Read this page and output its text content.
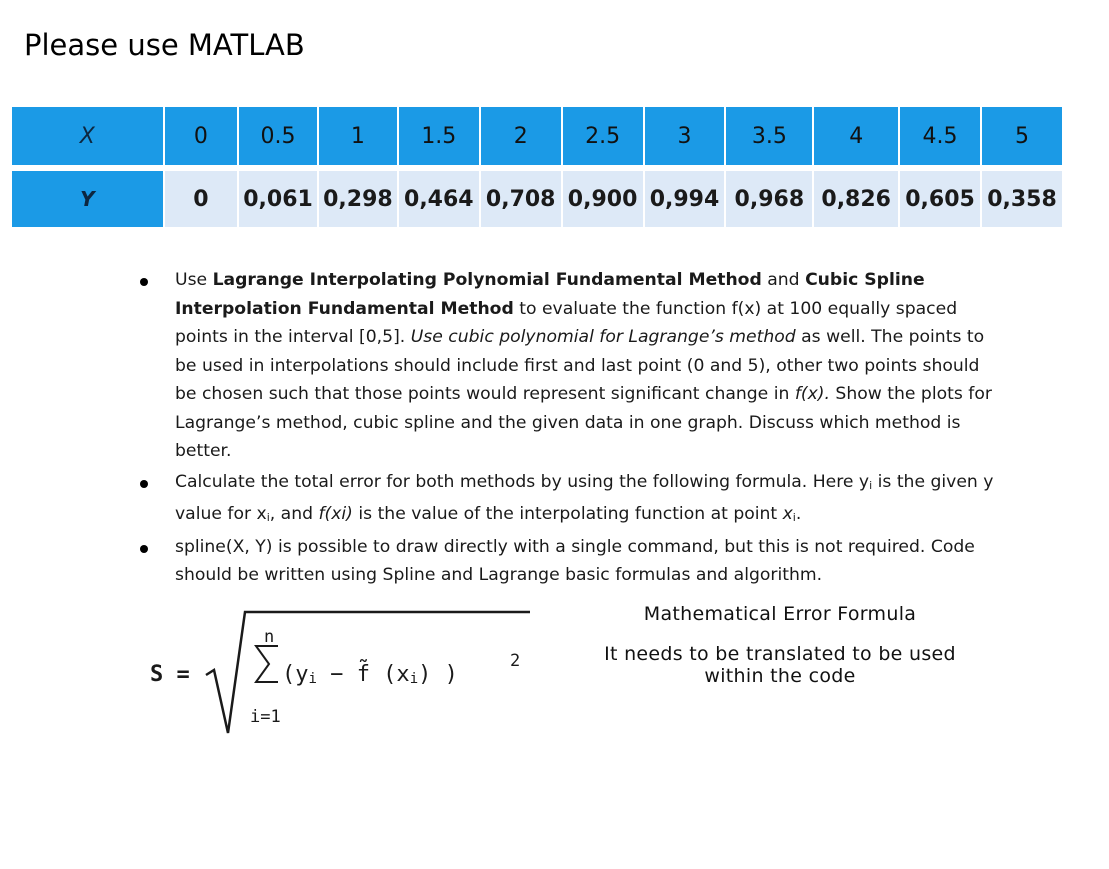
Please use MATLAB
X	0	0.5	1	1.5	2	2.5	3	3.5	4	4.5	5

Y	0	0,061	0,298	0,464	0,708	0,900	0,994	0,968	0,826	0,605	0,358
Use Lagrange Interpolating Polynomial Fundamental Method and Cubic Spline Interpolation Fundamental Method to evaluate the function f(x) at 100 equally spaced points in the interval [0,5]. Use cubic polynomial for Lagrange’s method as well. The points to be used in interpolations should include first and last point (0 and 5), other two points should be chosen such that those points would represent significant change in f(x). Show the plots for Lagrange’s method, cubic spline and the given data in one graph. Discuss which method is better.
Calculate the total error for both methods by using the following formula. Here yi is the given y value for xi, and f(xi) is the value of the interpolating function at point xi.
spline(X, Y) is possible to draw directly with a single command, but this is not required. Code should be written using Spline and Lagrange basic formulas and algorithm.
S =
n
i=1
(yi − f̃ (xi) )
2
Mathematical Error Formula
It needs to be translated to be used
within the code
